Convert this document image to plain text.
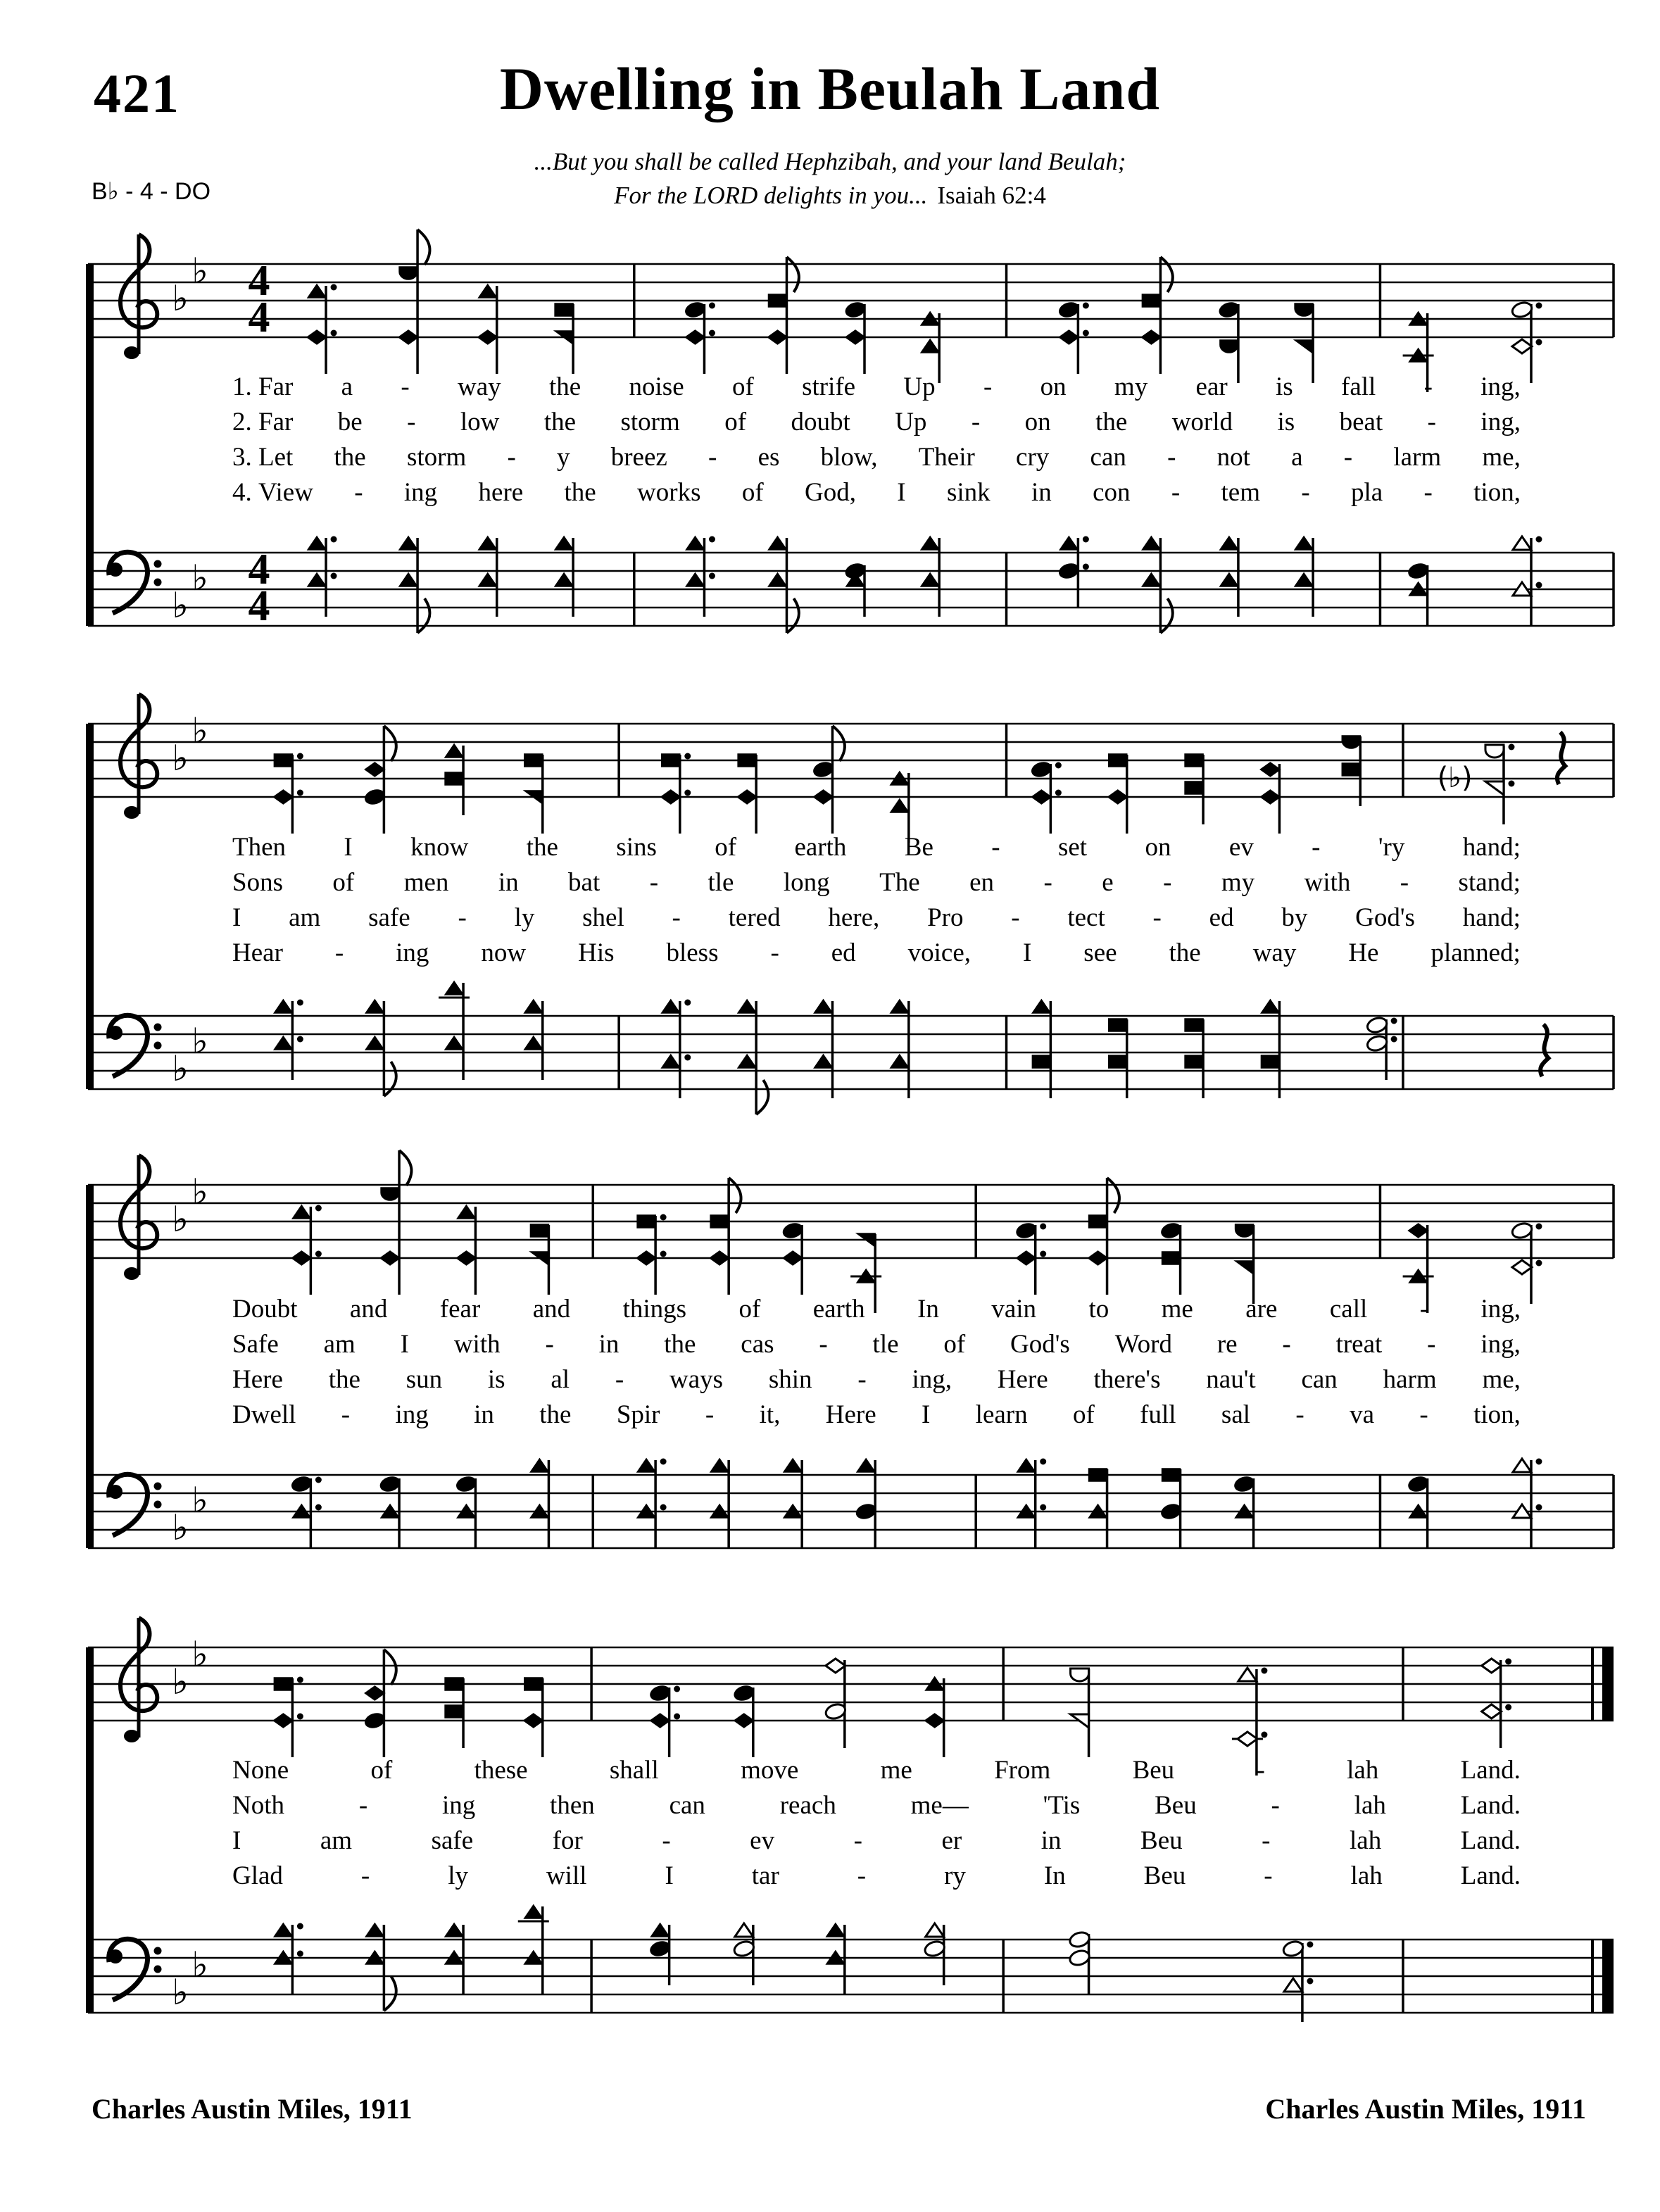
421	Dwelling in Beulah Land
...But you shall be called Hephzibah, and your land Beulah;
For the LORD delights in you... Isaiah 62:4
B♭ - 4 - DO
♭
♭ 4
4
♭
♭ 4
4
1. Far a - way the noise of strife Up - on my ear is fall - ing,
2. Far be - low the storm of doubt Up - on the world is beat - ing,
3. Let the storm - y breez - es blow, Their cry can - not a - larm me,
4. View - ing here the works of God, I sink in con - tem - pla - tion,
♭
♭
(♭)
♭
♭
Then I know the sins of earth Be - set on ev - 'ry hand;
Sons of men in bat - tle long The en - e - my with - stand;
I am safe - ly shel - tered here, Pro - tect - ed by God's hand;
Hear - ing now His bless - ed voice, I see the way He planned;
♭
♭
♭
♭
Doubt and fear and things of earth In vain to me are call - ing,
Safe am I with - in the cas - tle of God's Word re - treat - ing,
Here the sun is al - ways shin - ing, Here there's nau't can harm me,
Dwell - ing in the Spir - it, Here I learn of full sal - va - tion,
♭
♭
♭
♭
None	of	these	shall	move	me	From	Beu	-	lah	Land.
Noth	-	ing	then	can	reach	me—	'Tis	Beu	-	lah	Land.
I	am	safe	for	-	ev	-	er	in	Beu	-	lah	Land.
Glad	-	ly	will	I	tar	-	ry	In	Beu	-	lah	Land.
Charles Austin Miles, 1911	Charles Austin Miles, 1911
